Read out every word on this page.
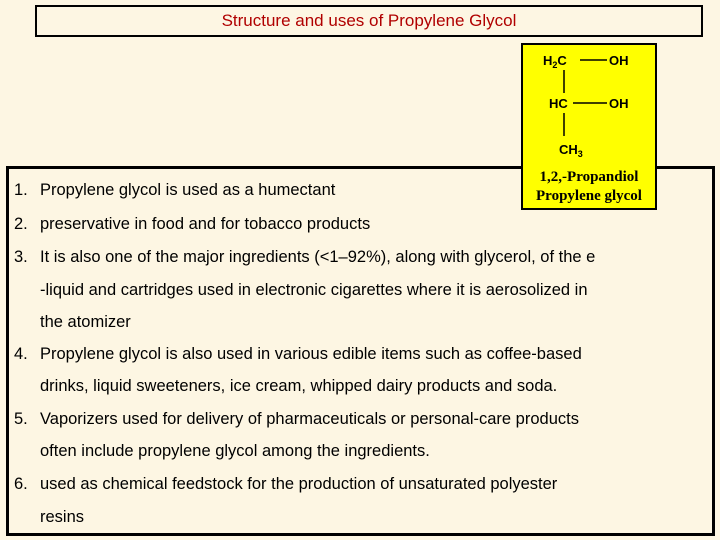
Structure and uses of Propylene Glycol
$H_2C$	OH
HC	OH
$CH_3$
1,2,-Propandiol
Propylene glycol
1. Propylene glycol is used as a humectant
2. preservative in food and for tobacco products
3. It is also one of the major ingredients (<1–92%), along with glycerol, of the e
-liquid and cartridges used in electronic cigarettes where it is aerosolized in
the atomizer
4. Propylene glycol is also used in various edible items such as coffee-based
drinks, liquid sweeteners, ice cream, whipped dairy products and soda.
5. Vaporizers used for delivery of pharmaceuticals or personal-care products
often include propylene glycol among the ingredients.
6. used as chemical feedstock for the production of unsaturated polyester
resins
